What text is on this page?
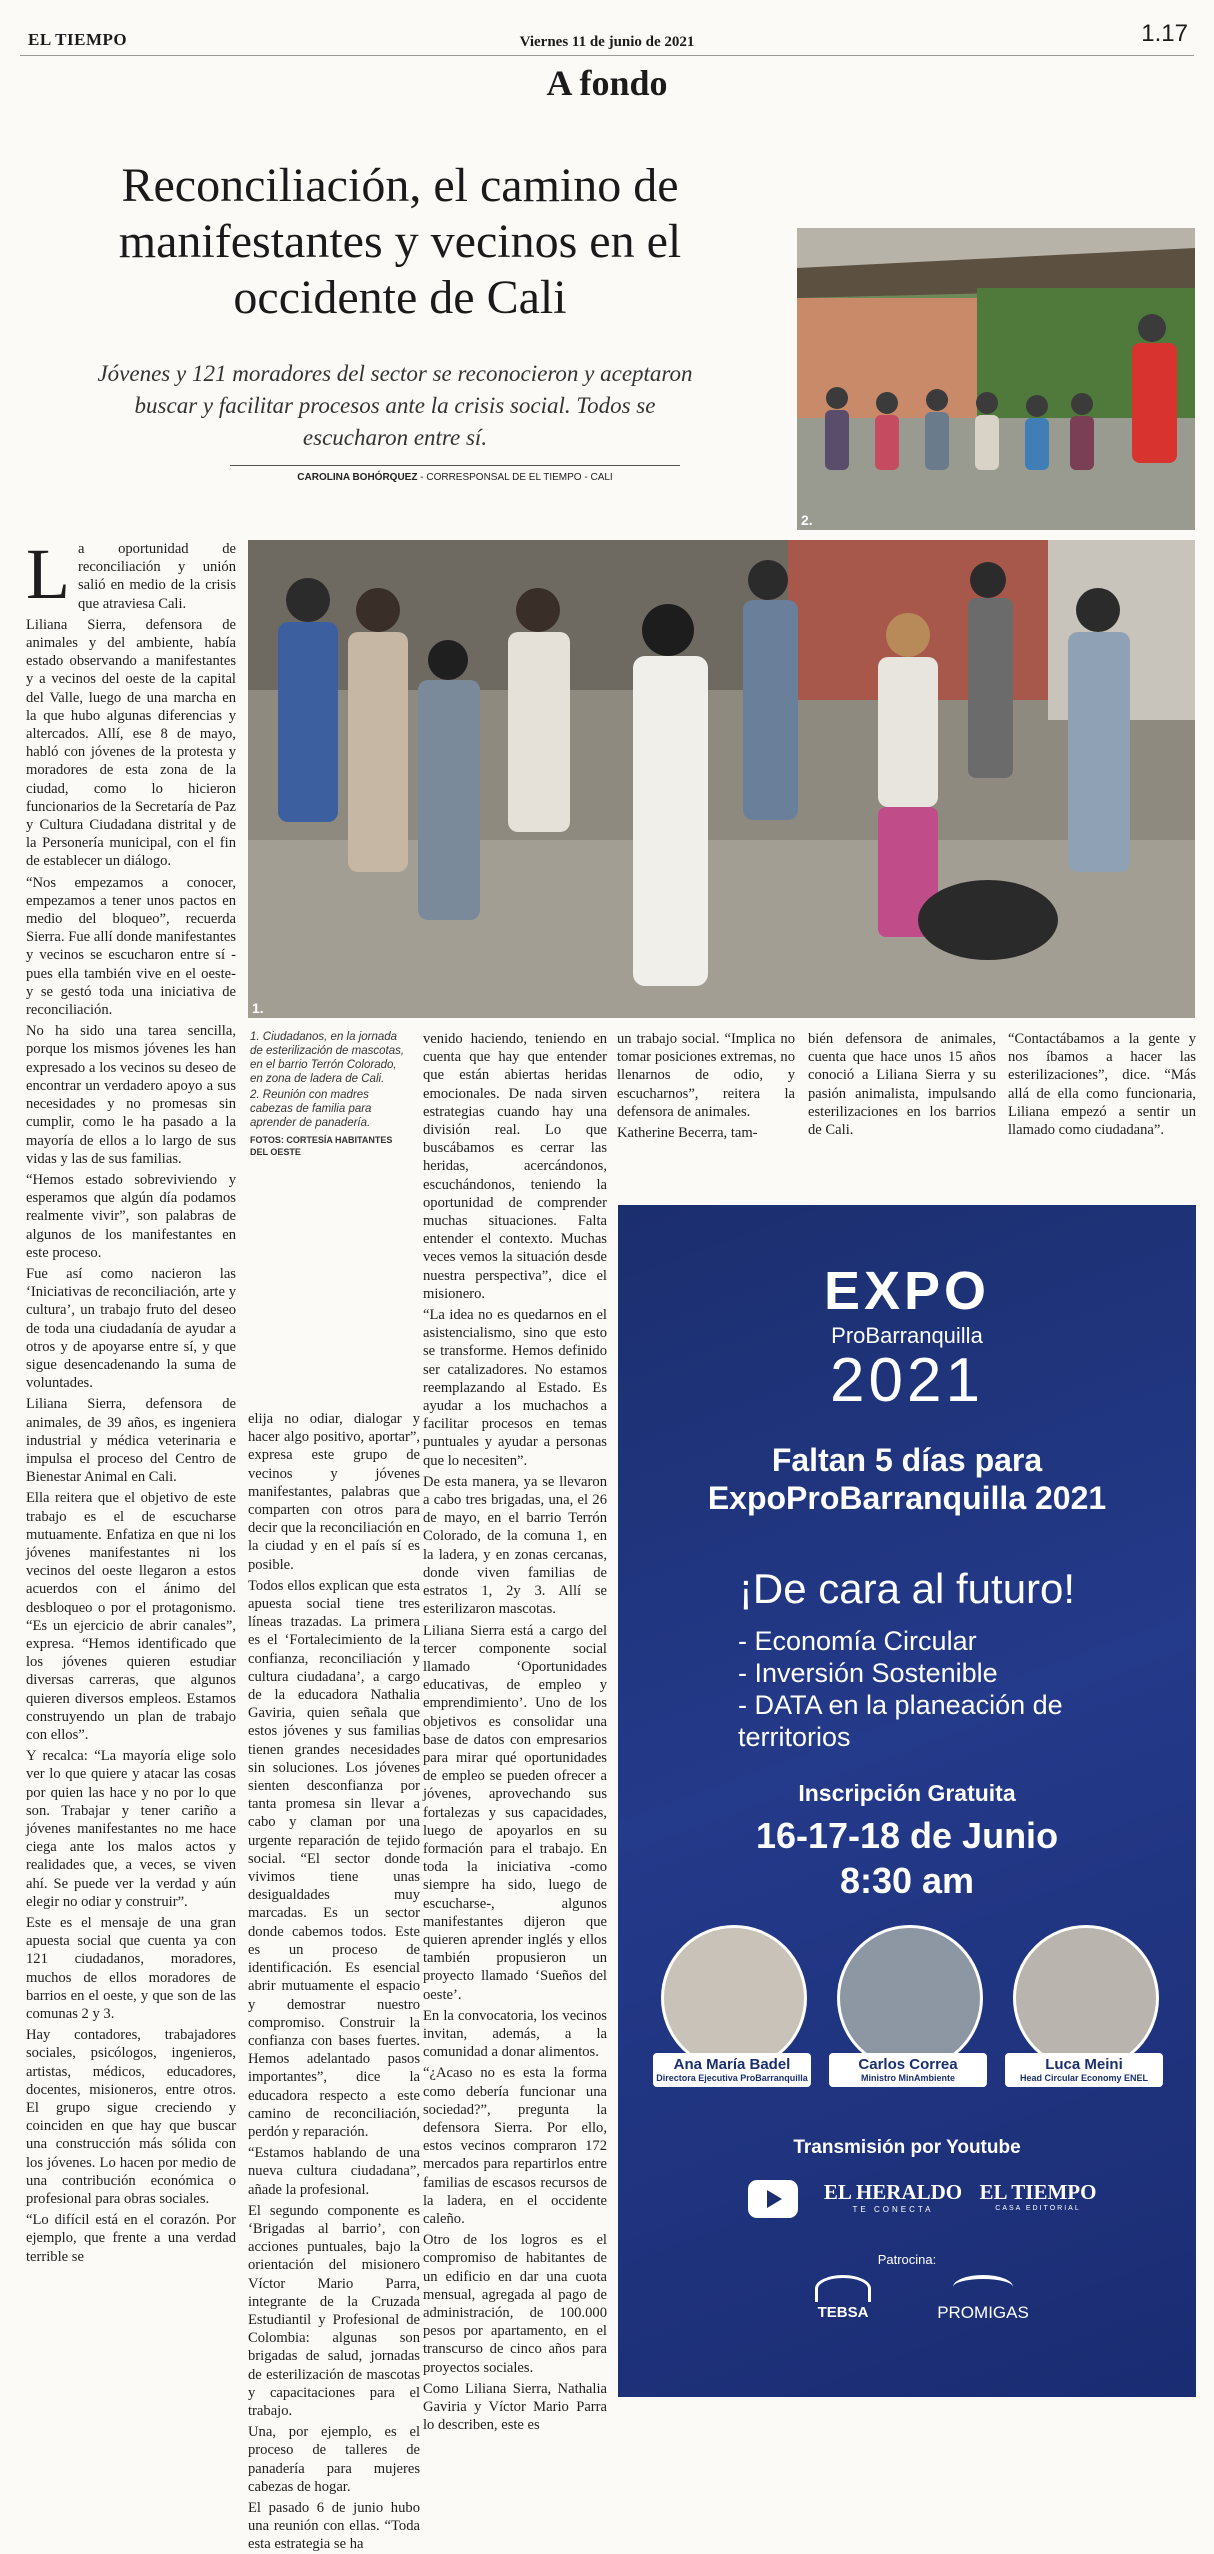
EL TIEMPO	Viernes 11 de junio de 2021	1.17
A fondo
Reconciliación, el camino de manifestantes y vecinos en el occidente de Cali
Jóvenes y 121 moradores del sector se reconocieron y aceptaron buscar y facilitar procesos ante la crisis social. Todos se escucharon entre sí.
CAROLINA BOHÓRQUEZ - CORRESPONSAL DE EL TIEMPO - CALI
2.
1.
L a oportunidad de reconciliación y unión salió en medio de la crisis que atraviesa Cali.

Liliana Sierra, defensora de animales y del ambiente, había estado observando a manifestantes y a vecinos del oeste de la capital del Valle, luego de una marcha en la que hubo algunas diferencias y altercados. Allí, ese 8 de mayo, habló con jóvenes de la protesta y moradores de esta zona de la ciudad, como lo hicieron funcionarios de la Secretaría de Paz y Cultura Ciudadana distrital y de la Personería municipal, con el fin de establecer un diálogo.

“Nos empezamos a conocer, empezamos a tener unos pactos en medio del bloqueo”, recuerda Sierra. Fue allí donde manifestantes y vecinos se escucharon entre sí -pues ella también vive en el oeste- y se gestó toda una iniciativa de reconciliación.

No ha sido una tarea sencilla, porque los mismos jóvenes les han expresado a los vecinos su deseo de encontrar un verdadero apoyo a sus necesidades y no promesas sin cumplir, como le ha pasado a la mayoría de ellos a lo largo de sus vidas y las de sus familias.

“Hemos estado sobreviviendo y esperamos que algún día podamos realmente vivir”, son palabras de algunos de los manifestantes en este proceso.

Fue así como nacieron las ‘Iniciativas de reconciliación, arte y cultura’, un trabajo fruto del deseo de toda una ciudadanía de ayudar a otros y de apoyarse entre sí, y que sigue desencadenando la suma de voluntades.

Liliana Sierra, defensora de animales, de 39 años, es ingeniera industrial y médica veterinaria e impulsa el proceso del Centro de Bienestar Animal en Cali.

Ella reitera que el objetivo de este trabajo es el de escucharse mutuamente. Enfatiza en que ni los jóvenes manifestantes ni los vecinos del oeste llegaron a estos acuerdos con el ánimo del desbloqueo o por el protagonismo. “Es un ejercicio de abrir canales”, expresa. “Hemos identificado que los jóvenes quieren estudiar diversas carreras, que algunos quieren diversos empleos. Estamos construyendo un plan de trabajo con ellos”.

Y recalca: “La mayoría elige solo ver lo que quiere y atacar las cosas por quien las hace y no por lo que son. Trabajar y tener cariño a jóvenes manifestantes no me hace ciega ante los malos actos y realidades que, a veces, se viven ahí. Se puede ver la verdad y aún elegir no odiar y construir”.

Este es el mensaje de una gran apuesta social que cuenta ya con 121 ciudadanos, moradores, muchos de ellos moradores de barrios en el oeste, y que son de las comunas 2 y 3.

Hay contadores, trabajadores sociales, psicólogos, ingenieros, artistas, médicos, educadores, docentes, misioneros, entre otros. El grupo sigue creciendo y coinciden en que hay que buscar una construcción más sólida con los jóvenes. Lo hacen por medio de una contribución económica o profesional para obras sociales.

“Lo difícil está en el corazón. Por ejemplo, que frente a una verdad terrible se

1. Ciudadanos, en la jornada de esterilización de mascotas, en el barrio Terrón Colorado, en zona de ladera de Cali.
2. Reunión con madres cabezas de familia para aprender de panadería.
FOTOS: CORTESÍA HABITANTES DEL OESTE

elija no odiar, dialogar y hacer algo positivo, aportar”, expresa este grupo de vecinos y jóvenes manifestantes, palabras que comparten con otros para decir que la reconciliación en la ciudad y en el país sí es posible.

Todos ellos explican que esta apuesta social tiene tres líneas trazadas. La primera es el ‘Fortalecimiento de la confianza, reconciliación y cultura ciudadana’, a cargo de la educadora Nathalia Gaviria, quien señala que estos jóvenes y sus familias tienen grandes necesidades sin soluciones. Los jóvenes sienten desconfianza por tanta promesa sin llevar a cabo y claman por una urgente reparación de tejido social. “El sector donde vivimos tiene unas desigualdades muy marcadas. Es un sector donde cabemos todos. Este es un proceso de identificación. Es esencial abrir mutuamente el espacio y demostrar nuestro compromiso. Construir la confianza con bases fuertes. Hemos adelantado pasos importantes”, dice la educadora respecto a este camino de reconciliación, perdón y reparación.

“Estamos hablando de una nueva cultura ciudadana”, añade la profesional.

El segundo componente es ‘Brigadas al barrio’, con acciones puntuales, bajo la orientación del misionero Víctor Mario Parra, integrante de la Cruzada Estudiantil y Profesional de Colombia: algunas son brigadas de salud, jornadas de esterilización de mascotas y capacitaciones para el trabajo.

Una, por ejemplo, es el proceso de talleres de panadería para mujeres cabezas de hogar.

El pasado 6 de junio hubo una reunión con ellas. “Toda esta estrategia se ha

venido haciendo, teniendo en cuenta que hay que entender que están abiertas heridas emocionales. De nada sirven estrategias cuando hay una división real. Lo que buscábamos es cerrar las heridas, acercándonos, escuchándonos, teniendo la oportunidad de comprender muchas situaciones. Falta entender el contexto. Muchas veces vemos la situación desde nuestra perspectiva”, dice el misionero.

“La idea no es quedarnos en el asistencialismo, sino que esto se transforme. Hemos definido ser catalizadores. No estamos reemplazando al Estado. Es ayudar a los muchachos a facilitar procesos en temas puntuales y ayudar a personas que lo necesiten”.

De esta manera, ya se llevaron a cabo tres brigadas, una, el 26 de mayo, en el barrio Terrón Colorado, de la comuna 1, en la ladera, y en zonas cercanas, donde viven familias de estratos 1, 2y 3. Allí se esterilizaron mascotas.

Liliana Sierra está a cargo del tercer componente social llamado ‘Oportunidades educativas, de empleo y emprendimiento’. Uno de los objetivos es consolidar una base de datos con empresarios para mirar qué oportunidades de empleo se pueden ofrecer a jóvenes, aprovechando sus fortalezas y sus capacidades, luego de apoyarlos en su formación para el trabajo. En toda la iniciativa -como siempre ha sido, luego de escucharse-, algunos manifestantes dijeron que quieren aprender inglés y ellos también propusieron un proyecto llamado ‘Sueños del oeste’.

En la convocatoria, los vecinos invitan, además, a la comunidad a donar alimentos.

“¿Acaso no es esta la forma como debería funcionar una sociedad?”, pregunta la defensora Sierra. Por ello, estos vecinos compraron 172 mercados para repartirlos entre familias de escasos recursos de la ladera, en el occidente caleño.

Otro de los logros es el compromiso de habitantes de un edificio en dar una cuota mensual, agregada al pago de administración, de 100.000 pesos por apartamento, en el transcurso de cinco años para proyectos sociales.

Como Liliana Sierra, Nathalia Gaviria y Víctor Mario Parra lo describen, este es

un trabajo social. “Implica no tomar posiciones extremas, no llenarnos de odio, y escucharnos”, reitera la defensora de animales.

Katherine Becerra, tam-

bién defensora de animales, cuenta que hace unos 15 años conoció a Liliana Sierra y su pasión animalista, impulsando esterilizaciones en los barrios de Cali.

“Contactábamos a la gente y nos íbamos a hacer las esterilizaciones”, dice. “Más allá de ella como funcionaria, Liliana empezó a sentir un llamado como ciudadana”.

EXPO
ProBarranquilla
2021
Faltan 5 días para ExpoProBarranquilla 2021
¡De cara al futuro!
- Economía Circular
- Inversión Sostenible
- DATA en la planeación de territorios
Inscripción Gratuita
16-17-18 de Junio
8:30 am
Ana María Badel
Directora Ejecutiva ProBarranquilla
Carlos Correa
Ministro MinAmbiente
Luca Meini
Head Circular Economy ENEL
Transmisión por Youtube
EL HERALDO
TE CONECTA
EL TIEMPO
CASA EDITORIAL
Patrocina:
TEBSA	PROMIGAS
